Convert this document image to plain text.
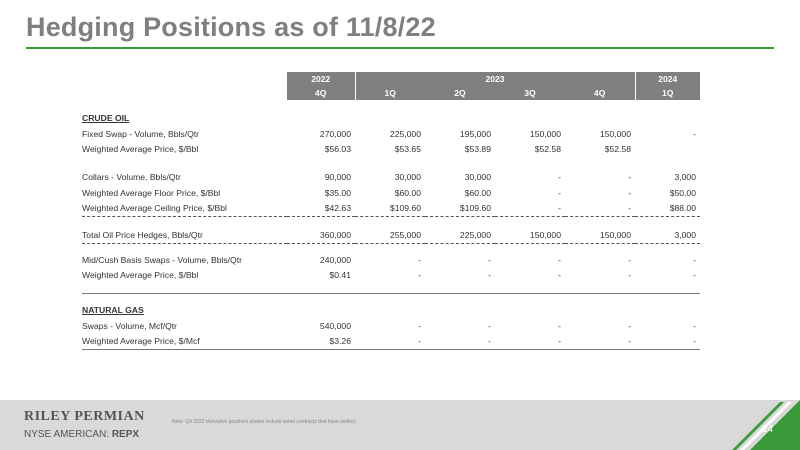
Hedging Positions as of 11/8/22
	2022	2023				2024
	4Q	1Q	2Q	3Q	4Q	1Q

CRUDE OIL						
Fixed Swap - Volume, Bbls/Qtr	270,000	225,000	195,000	150,000	150,000	-
Weighted Average Price, $/Bbl	$56.03	$53.65	$53.89	$52.58	$52.58	

Collars - Volume, Bbls/Qtr	90,000	30,000	30,000	-	-	3,000
Weighted Average Floor Price, $/Bbl	$35.00	$60.00	$60.00	-	-	$50.00
Weighted Average Ceiling Price, $/Bbl	$42.63	$109.60	$109.60	-	-	$88.00

Total Oil Price Hedges, Bbls/Qtr	360,000	255,000	225,000	150,000	150,000	3,000

Mid/Cush Basis Swaps - Volume, Bbls/Qtr	240,000	-	-	-	-	-
Weighted Average Price, $/Bbl	$0.41	-	-	-	-	-

NATURAL GAS						
Swaps - Volume, Mcf/Qtr	540,000	-	-	-	-	-
Weighted Average Price, $/Mcf	$3.26	-	-	-	-	-
RILEY PERMIAN
NYSE AMERICAN: REPX
Note: Q4 2022 derivative positions shown include some contracts that have settled.
14
